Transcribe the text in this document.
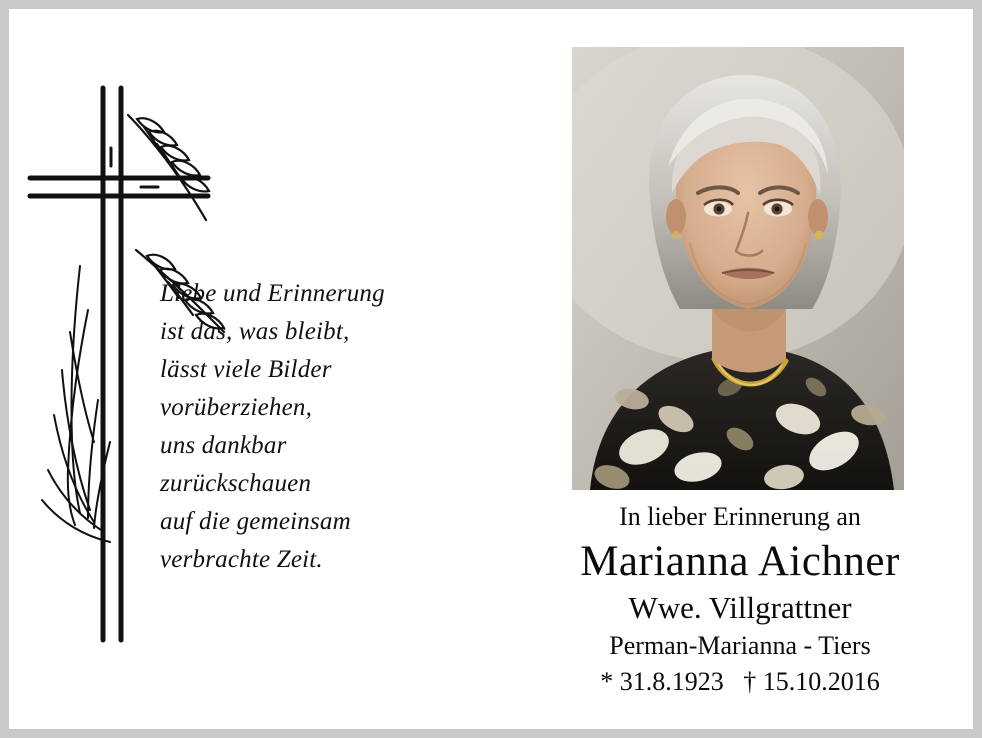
Liebe und Erinnerung
ist das, was bleibt,
lässt viele Bilder
vorüberziehen,
uns dankbar
zurückschauen
auf die gemeinsam
verbrachte Zeit.
In lieber Erinnerung an
Marianna Aichner
Wwe. Villgrattner
Perman-Marianna - Tiers
* 31.8.1923   † 15.10.2016
